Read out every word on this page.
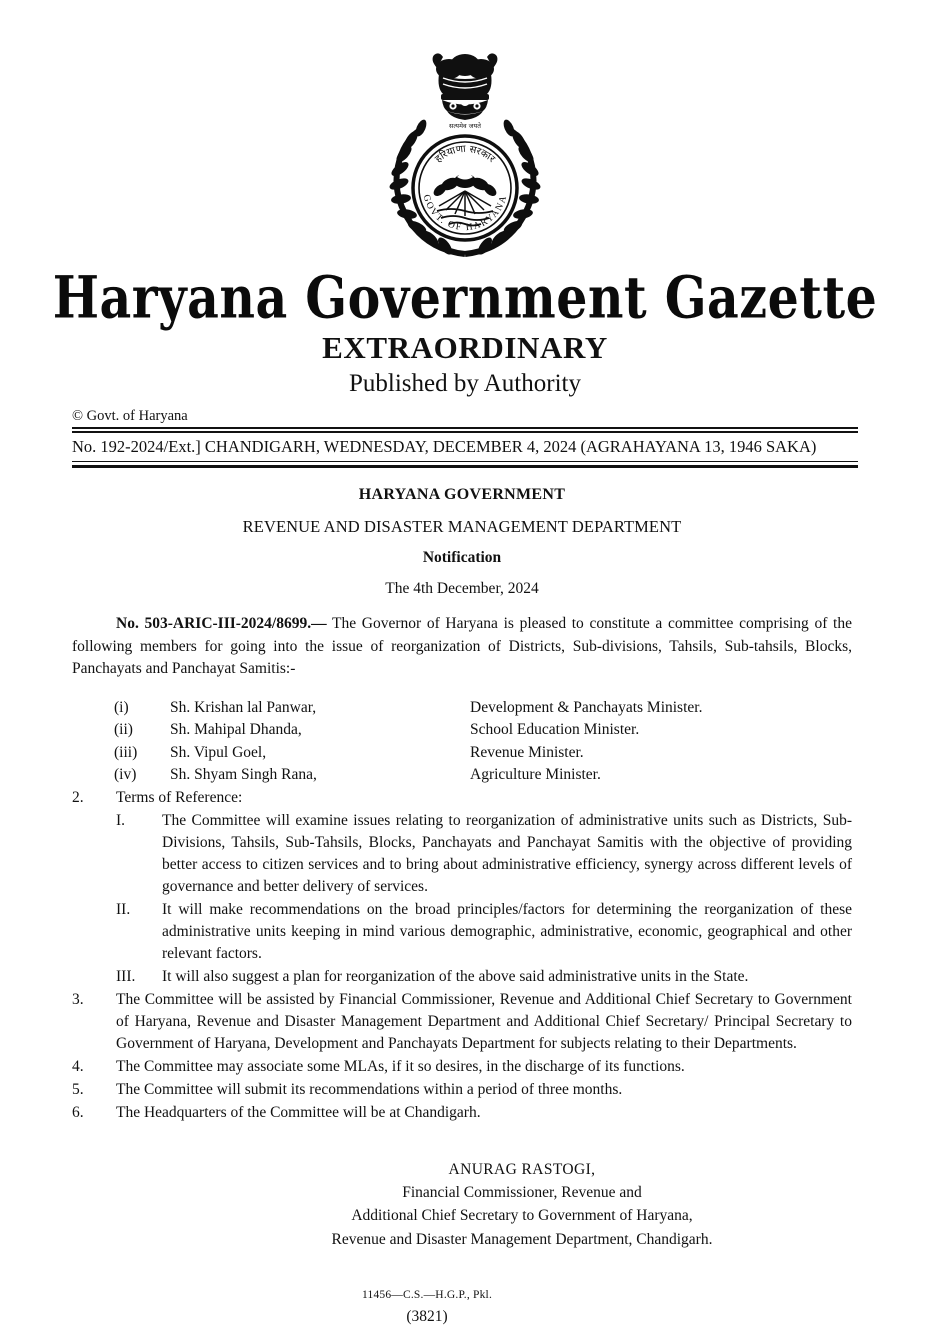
सत्यमेव जयते
हरियाणा सरकार
GOVT. OF HARYANA
Haryana Government Gazette
EXTRAORDINARY
Published by Authority
© Govt. of Haryana
No. 192-2024/Ext.] CHANDIGARH, WEDNESDAY, DECEMBER 4, 2024 (AGRAHAYANA 13, 1946 SAKA)
HARYANA GOVERNMENT
REVENUE AND DISASTER MANAGEMENT DEPARTMENT
Notification
The 4th December, 2024

No. 503-ARIC-III-2024/8699.— The Governor of Haryana is pleased to constitute a committee comprising of the following members for going into the issue of reorganization of Districts, Sub-divisions, Tahsils, Sub-tahsils, Blocks, Panchayats and Panchayat Samitis:-

(i)	Sh. Krishan lal Panwar,	Development & Panchayats Minister.
(ii)	Sh. Mahipal Dhanda,	School Education Minister.
(iii)	Sh. Vipul Goel,	Revenue Minister.
(iv)	Sh. Shyam Singh Rana,	Agriculture Minister.
2.	Terms of Reference:
I.	The Committee will examine issues relating to reorganization of administrative units such as Districts, Sub-Divisions, Tahsils, Sub-Tahsils, Blocks, Panchayats and Panchayat Samitis with the objective of providing better access to citizen services and to bring about administrative efficiency, synergy across different levels of governance and better delivery of services.
II.	It will make recommendations on the broad principles/factors for determining the reorganization of these administrative units keeping in mind various demographic, administrative, economic, geographical and other relevant factors.
III.	It will also suggest a plan for reorganization of the above said administrative units in the State.
3.	The Committee will be assisted by Financial Commissioner, Revenue and Additional Chief Secretary to Government of Haryana, Revenue and Disaster Management Department and Additional Chief Secretary/ Principal Secretary to Government of Haryana, Development and Panchayats Department for subjects relating to their Departments.
4.	The Committee may associate some MLAs, if it so desires, in the discharge of its functions.
5.	The Committee will submit its recommendations within a period of three months.
6.	The Headquarters of the Committee will be at Chandigarh.
ANURAG RASTOGI,
Financial Commissioner, Revenue and
Additional Chief Secretary to Government of Haryana,
Revenue and Disaster Management Department, Chandigarh.
11456—C.S.—H.G.P., Pkl.
(3821)
